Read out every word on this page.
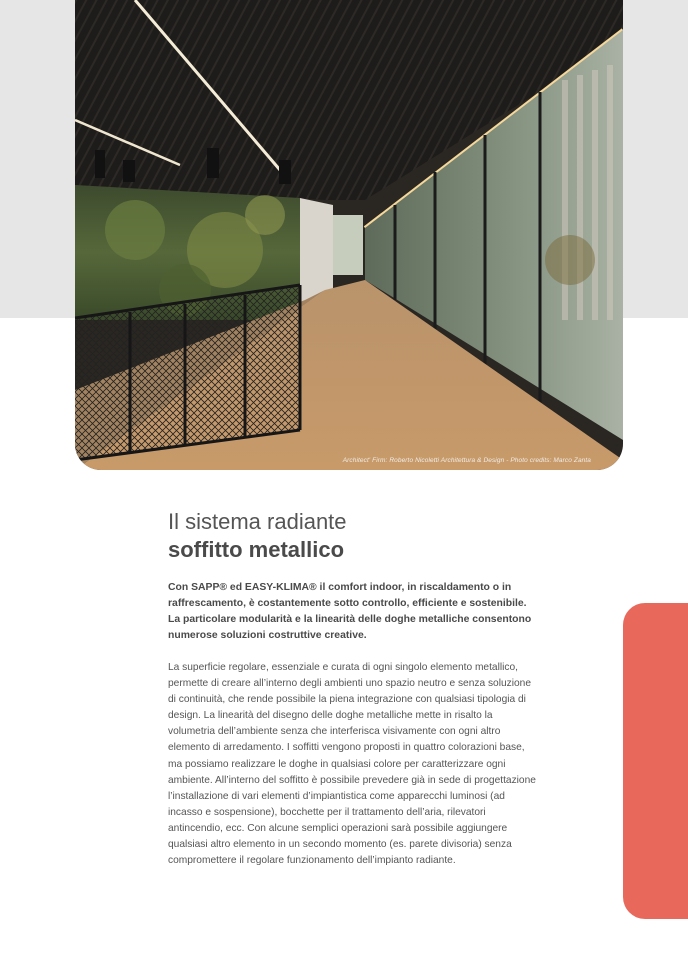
Architect' Firm: Roberto Nicoletti Architettura & Design - Photo credits: Marco Zanta
Il sistema radiante
soffitto metallico

Con SAPP® ed EASY-KLIMA® il comfort indoor, in riscaldamento o in raffrescamento, è costantemente sotto controllo, efficiente e sostenibile. La particolare modularità e la linearità delle doghe metalliche consentono numerose soluzioni costruttive creative.

La superficie regolare, essenziale e curata di ogni singolo elemento metallico, permette di creare all’interno degli ambienti uno spazio neutro e senza soluzione di continuità, che rende possibile la piena integrazione con qualsiasi tipologia di design. La linearità del disegno delle doghe metalliche mette in risalto la volumetria dell’ambiente senza che interferisca visivamente con ogni altro elemento di arredamento. I soffitti vengono proposti in quattro colorazioni base, ma possiamo realizzare le doghe in qualsiasi colore per caratterizzare ogni ambiente. All’interno del soffitto è possibile prevedere già in sede di progettazione l’installazione di vari elementi d’impiantistica come apparecchi luminosi (ad incasso e sospensione), bocchette per il trattamento dell’aria, rilevatori antincendio, ecc. Con alcune semplici operazioni sarà possibile aggiungere qualsiasi altro elemento in un secondo momento (es. parete divisoria) senza compromettere il regolare funzionamento dell’impianto radiante.
